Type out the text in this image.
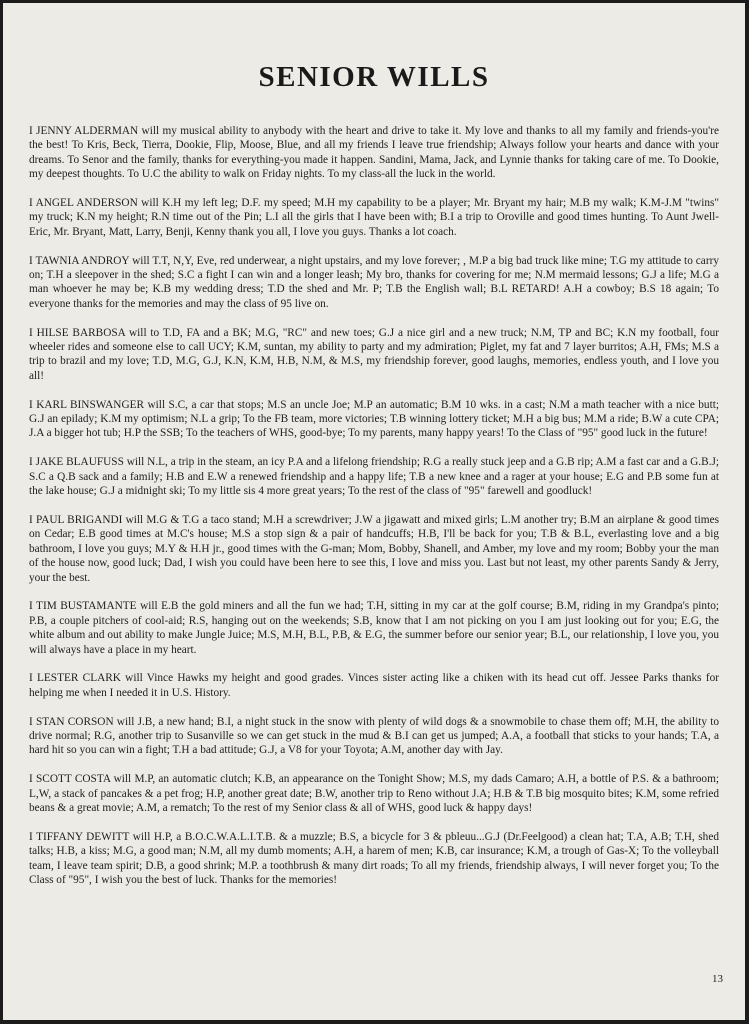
SENIOR WILLS

I JENNY ALDERMAN will my musical ability to anybody with the heart and drive to take it. My love and thanks to all my family and friends-you're the best! To Kris, Beck, Tierra, Dookie, Flip, Moose, Blue, and all my friends I leave true friendship; Always follow your hearts and dance with your dreams. To Senor and the family, thanks for everything-you made it happen. Sandini, Mama, Jack, and Lynnie thanks for taking care of me. To Dookie, my deepest thoughts. To U.C the ability to walk on Friday nights. To my class-all the luck in the world.

I ANGEL ANDERSON will K.H my left leg; D.F. my speed; M.H my capability to be a player; Mr. Bryant my hair; M.B my walk; K.M-J.M "twins" my truck; K.N my height; R.N time out of the Pin; L.I all the girls that I have been with; B.I a trip to Oroville and good times hunting. To Aunt Jwell-Eric, Mr. Bryant, Matt, Larry, Benji, Kenny thank you all, I love you guys. Thanks a lot coach.

I TAWNIA ANDROY will T.T, N,Y, Eve, red underwear, a night upstairs, and my love forever; , M.P a big bad truck like mine; T.G my attitude to carry on; T.H a sleepover in the shed; S.C a fight I can win and a longer leash; My bro, thanks for covering for me; N.M mermaid lessons; G.J a life; M.G a man whoever he may be; K.B my wedding dress; T.D the shed and Mr. P; T.B the English wall; B.L RETARD! A.H a cowboy; B.S 18 again; To everyone thanks for the memories and may the class of 95 live on.

I HILSE BARBOSA will to T.D, FA and a BK; M.G, "RC" and new toes; G.J a nice girl and a new truck; N.M, TP and BC; K.N my football, four wheeler rides and someone else to call UCY; K.M, suntan, my ability to party and my admiration; Piglet, my fat and 7 layer burritos; A.H, FMs; M.S a trip to brazil and my love; T.D, M.G, G.J, K.N, K.M, H.B, N.M, & M.S, my friendship forever, good laughs, memories, endless youth, and I love you all!

I KARL BINSWANGER will S.C, a car that stops; M.S an uncle Joe; M.P an automatic; B.M 10 wks. in a cast; N.M a math teacher with a nice butt; G.J an epilady; K.M my optimism; N.L a grip; To the FB team, more victories; T.B winning lottery ticket; M.H a big bus; M.M a ride; B.W a cute CPA; J.A a bigger hot tub; H.P the SSB; To the teachers of WHS, good-bye; To my parents, many happy years! To the Class of "95" good luck in the future!

I JAKE BLAUFUSS will N.L, a trip in the steam, an icy P.A and a lifelong friendship; R.G a really stuck jeep and a G.B rip; A.M a fast car and a G.B.J; S.C a Q.B sack and a family; H.B and E.W a renewed friendship and a happy life; T.B a new knee and a rager at your house; E.G and P.B some fun at the lake house; G.J a midnight ski; To my little sis 4 more great years; To the rest of the class of "95" farewell and goodluck!

I PAUL BRIGANDI will M.G & T.G a taco stand; M.H a screwdriver; J.W a jigawatt and mixed girls; L.M another try; B.M an airplane & good times on Cedar; E.B good times at M.C's house; M.S a stop sign & a pair of handcuffs; H.B, I'll be back for you; T.B & B.L, everlasting love and a big bathroom, I love you guys; M.Y & H.H jr., good times with the G-man; Mom, Bobby, Shanell, and Amber, my love and my room; Bobby your the man of the house now, good luck; Dad, I wish you could have been here to see this, I love and miss you. Last but not least, my other parents Sandy & Jerry, your the best.

I TIM BUSTAMANTE will E.B the gold miners and all the fun we had; T.H, sitting in my car at the golf course; B.M, riding in my Grandpa's pinto; P.B, a couple pitchers of cool-aid; R.S, hanging out on the weekends; S.B, know that I am not picking on you I am just looking out for you; E.G, the white album and out ability to make Jungle Juice; M.S, M.H, B.L, P.B, & E.G, the summer before our senior year; B.L, our relationship, I love you, you will always have a place in my heart.

I LESTER CLARK will Vince Hawks my height and good grades. Vinces sister acting like a chiken with its head cut off. Jessee Parks thanks for helping me when I needed it in U.S. History.

I STAN CORSON will J.B, a new hand; B.I, a night stuck in the snow with plenty of wild dogs & a snowmobile to chase them off; M.H, the ability to drive normal; R.G, another trip to Susanville so we can get stuck in the mud & B.I can get us jumped; A.A, a football that sticks to your hands; T.A, a hard hit so you can win a fight; T.H a bad attitude; G.J, a V8 for your Toyota; A.M, another day with Jay.

I SCOTT COSTA will M.P, an automatic clutch; K.B, an appearance on the Tonight Show; M.S, my dads Camaro; A.H, a bottle of P.S. & a bathroom; L,W, a stack of pancakes & a pet frog; H.P, another great date; B.W, another trip to Reno without J.A; H.B & T.B big mosquito bites; K.M, some refried beans & a great movie; A.M, a rematch; To the rest of my Senior class & all of WHS, good luck & happy days!

I TIFFANY DEWITT will H.P, a B.O.C.W.A.L.I.T.B. & a muzzle; B.S, a bicycle for 3 & pbleuu...G.J (Dr.Feelgood) a clean hat; T.A, A.B; T.H, shed talks; H.B, a kiss; M.G, a good man; N.M, all my dumb moments; A.H, a harem of men; K.B, car insurance; K.M, a trough of Gas-X; To the volleyball team, I leave team spirit; D.B, a good shrink; M.P. a toothbrush & many dirt roads; To all my friends, friendship always, I will never forget you; To the Class of "95", I wish you the best of luck. Thanks for the memories!

13
